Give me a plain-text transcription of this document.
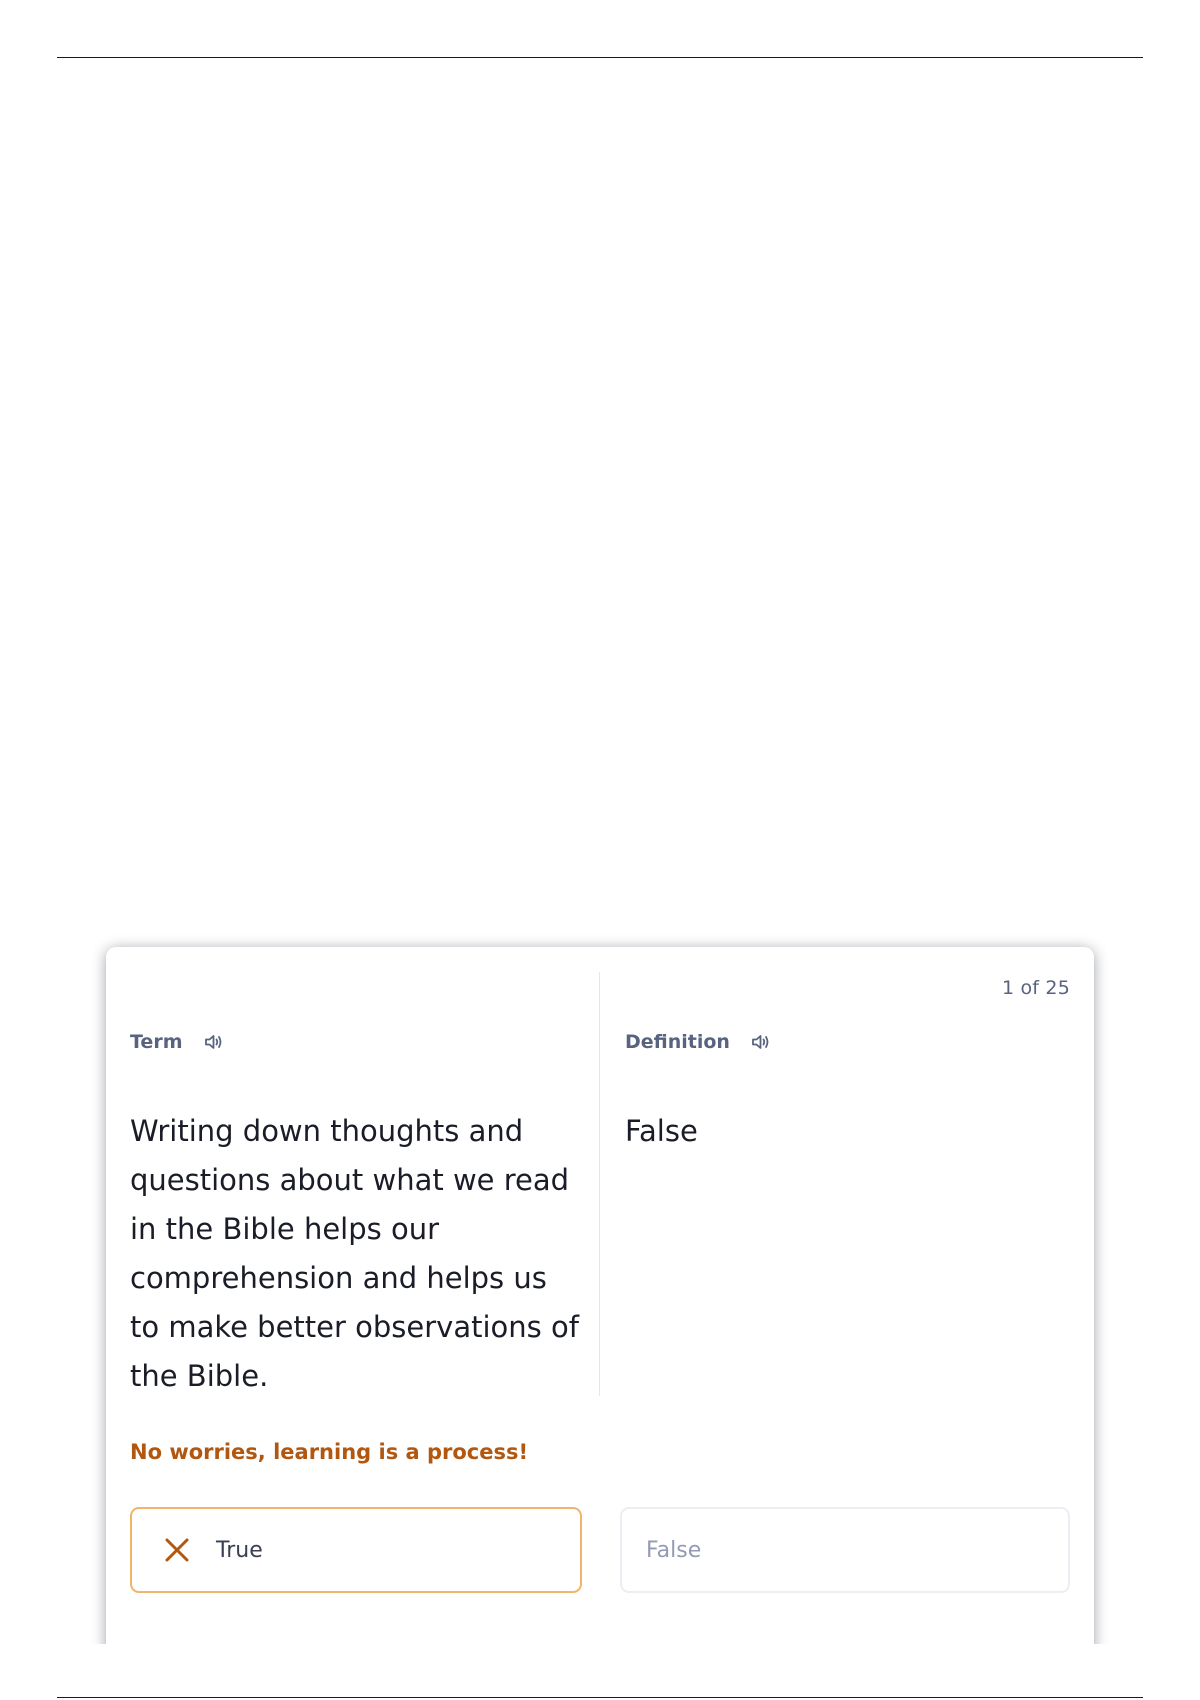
1 of 25
Term	Definition
Writing down thoughts and questions about what we read in the Bible helps our comprehension and helps us to make better observations of the Bible.
False
No worries, learning is a process!
True	False
